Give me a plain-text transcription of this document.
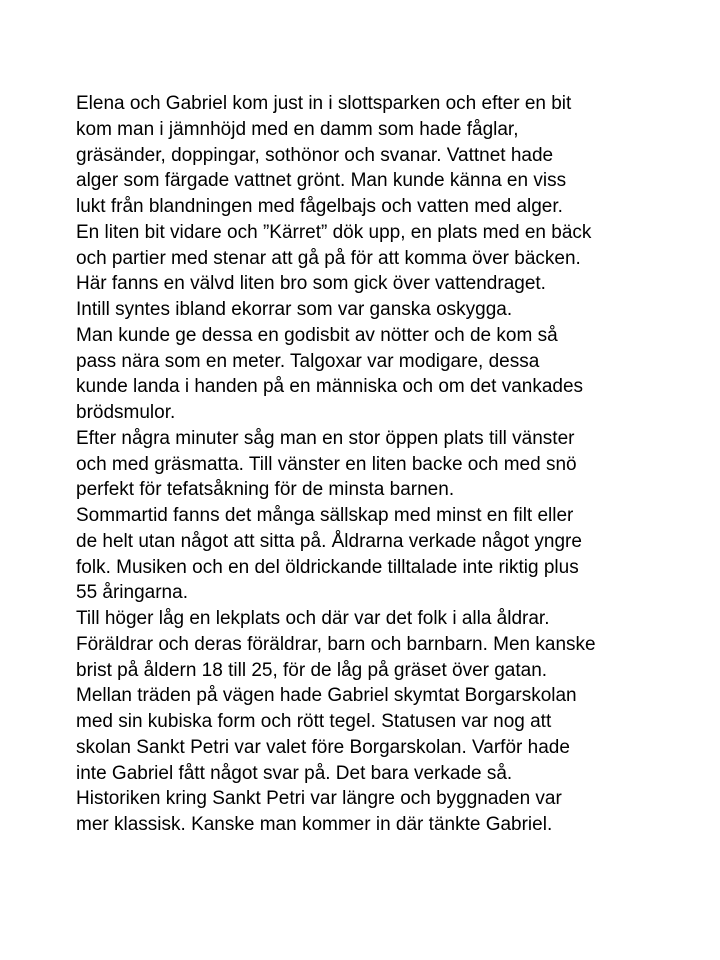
Elena och Gabriel kom just in i slottsparken och efter en bit
kom man i jämnhöjd med en damm som hade fåglar,
gräsänder, doppingar, sothönor och svanar. Vattnet hade
alger som färgade vattnet grönt. Man kunde känna en viss
lukt från blandningen med fågelbajs och vatten med alger.
En liten bit vidare och ”Kärret” dök upp, en plats med en bäck
och partier med stenar att gå på för att komma över bäcken.
Här fanns en välvd liten bro som gick över vattendraget.
Intill syntes ibland ekorrar som var ganska oskygga.
Man kunde ge dessa en godisbit av nötter och de kom så
pass nära som en meter. Talgoxar var modigare, dessa
kunde landa i handen på en människa och om det vankades
brödsmulor.
Efter några minuter såg man en stor öppen plats till vänster
och med gräsmatta. Till vänster en liten backe och med snö
perfekt för tefatsåkning för de minsta barnen.
Sommartid fanns det många sällskap med minst en filt eller
de helt utan något att sitta på. Åldrarna verkade något yngre
folk. Musiken och en del öldrickande tilltalade inte riktig plus
55 åringarna.
Till höger låg en lekplats och där var det folk i alla åldrar.
Föräldrar och deras föräldrar, barn och barnbarn. Men kanske
brist på åldern 18 till 25, för de låg på gräset över gatan.
Mellan träden på vägen hade Gabriel skymtat Borgarskolan
med sin kubiska form och rött tegel. Statusen var nog att
skolan Sankt Petri var valet före Borgarskolan. Varför hade
inte Gabriel fått något svar på. Det bara verkade så.
Historiken kring Sankt Petri var längre och byggnaden var
mer klassisk. Kanske man kommer in där tänkte Gabriel.
